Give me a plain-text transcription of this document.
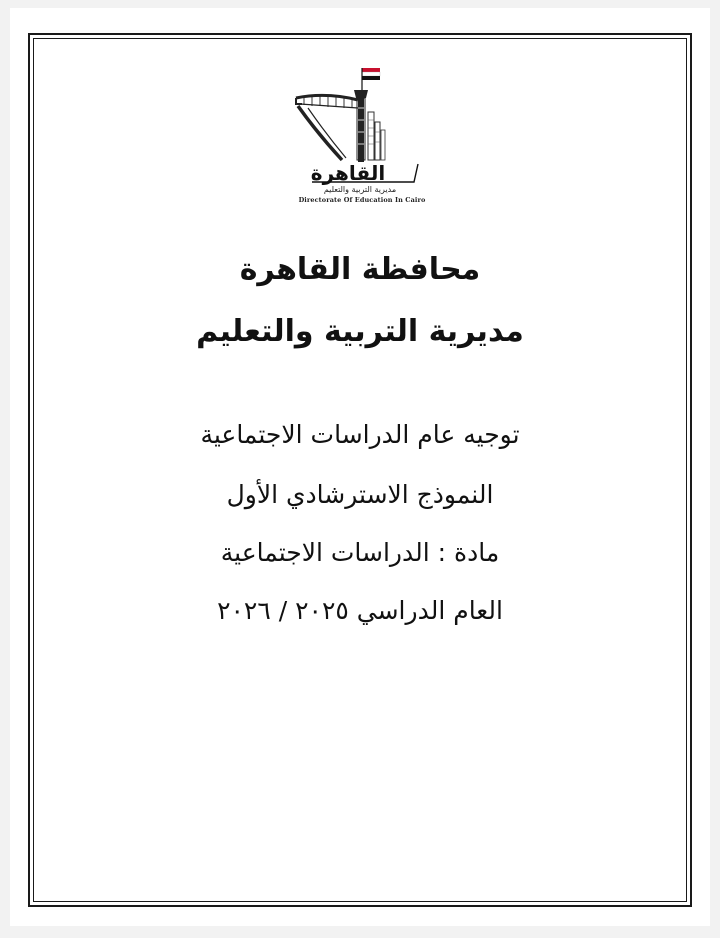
القاهرة
مديرية التربية والتعليم
Directorate Of Education In Cairo
محافظة القاهرة
مديرية التربية والتعليم
توجيه عام الدراسات الاجتماعية
النموذج الاسترشادي الأول
مادة : الدراسات الاجتماعية
العام الدراسي ٢٠٢٥ / ٢٠٢٦
